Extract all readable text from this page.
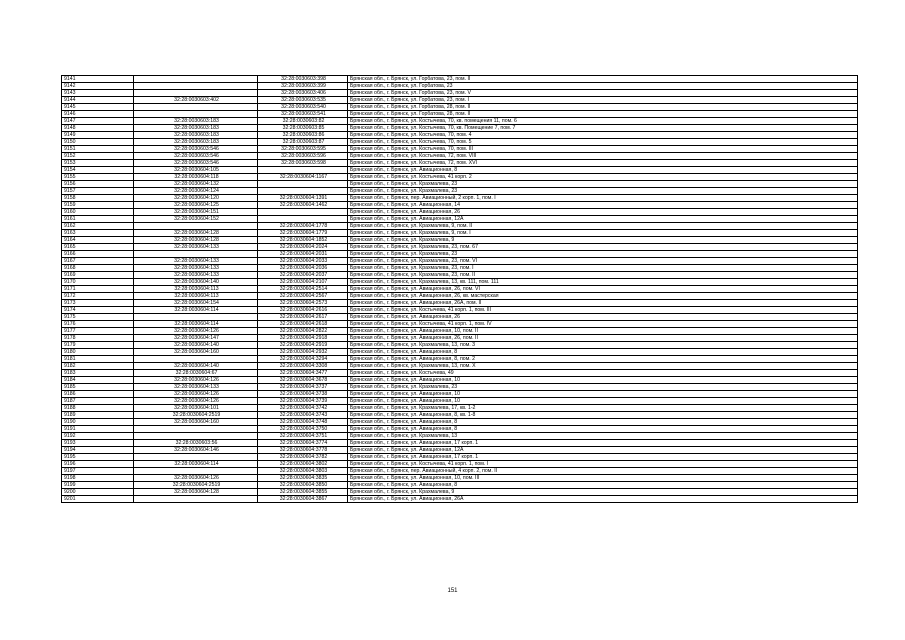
9141		32:28:0030603:398	Брянская обл., г. Брянск, ул. Горбатова, 23, пом. II
9142		32:28:0030603:399	Брянская обл., г. Брянск, ул. Горбатова, 23
9143		32:28:0030603:406	Брянская обл., г. Брянск, ул. Горбатова, 23, пом. V
9144	32:28:0030603:402	32:28:0030603:535	Брянская обл., г. Брянск, ул. Горбатова, 23, пом. I
9145		32:28:0030603:540	Брянская обл., г. Брянск, ул. Горбатова, 28, пом. II
9146		32:28:0030603:541	Брянская обл., г. Брянск, ул. Горбатова, 28, пом. II
9147	32:28:0030603:183	32:28:0030603:82	Брянская обл., г. Брянск, ул. Костычева, 70, кв. помещения 11, пом. 6
9148	32:28:0030603:183	32:28:0030603:85	Брянская обл., г. Брянск, ул. Костычева, 70, кв. Помещение 7, пом. 7
9149	32:28:0030603:183	32:28:0030603:86	Брянская обл., г. Брянск, ул. Костычева, 70, пом. 4
9150	32:28:0030603:183	32:28:0030603:87	Брянская обл., г. Брянск, ул. Костычева, 70, пом. 5
9151	32:28:0030603:546	32:28:0030603:595	Брянская обл., г. Брянск, ул. Костычева, 70, пом. III
9152	32:28:0030603:546	32:28:0030603:596	Брянская обл., г. Брянск, ул. Костычева, 72, пом. VIII
9153	32:28:0030603:546	32:28:0030603:598	Брянская обл., г. Брянск, ул. Костычева, 72, пом. XVI
9154	32:28:0030604:105		Брянская обл., г. Брянск, ул. Авиационная, 8
9155	32:28:0030604:118	32:28:0030604:1167	Брянская обл., г. Брянск, ул. Костычева, 41 корп. 2
9156	32:28:0030604:132		Брянская обл., г. Брянск, ул. Крахмалева, 23
9157	32:28:0030604:124		Брянская обл., г. Брянск, ул. Крахмалева, 23
9158	32:28:0030604:120	32:28:0030604:1391	Брянская обл., г. Брянск, пер. Авиационный, 2 корп. 1, пом. I
9159	32:28:0030604:125	32:28:0030604:1462	Брянская обл., г. Брянск, ул. Авиационная, 14
9160	32:28:0030604:151		Брянская обл., г. Брянск, ул. Авиационная, 26
9161	32:28:0030604:152		Брянская обл., г. Брянск, ул. Авиационная, 12А
9162		32:28:0030604:1778	Брянская обл., г. Брянск, ул. Крахмалева, 9, пом. II
9163	32:28:0030604:128	32:28:0030604:1779	Брянская обл., г. Брянск, ул. Крахмалева, 9, пом. I
9164	32:28:0030604:128	32:28:0030604:1852	Брянская обл., г. Брянск, ул. Крахмалева, 9
9165	32:28:0030604:133	32:28:0030604:2024	Брянская обл., г. Брянск, ул. Крахмалева, 23, пом. 67
9166		32:28:0030604:2031	Брянская обл., г. Брянск, ул. Крахмалева, 23
9167	32:28:0030604:133	32:28:0030604:2033	Брянская обл., г. Брянск, ул. Крахмалева, 23, пом. VI
9168	32:28:0030604:133	32:28:0030604:2036	Брянская обл., г. Брянск, ул. Крахмалева, 23, пом. I
9169	32:28:0030604:133	32:28:0030604:2037	Брянская обл., г. Брянск, ул. Крахмалева, 23, пом. II
9170	32:28:0030604:140	32:28:0030604:2107	Брянская обл., г. Брянск, ул. Крахмалева, 13, кв. 111, пом. 111
9171	32:28:0030604:113	32:28:0030604:2514	Брянская обл., г. Брянск, ул. Авиационная, 26, пом. VI
9172	32:28:0030604:113	32:28:0030604:2567	Брянская обл., г. Брянск, ул. Авиационная, 26, кв. мастерская
9173	32:28:0030604:154	32:28:0030604:2573	Брянская обл., г. Брянск, ул. Авиационная, 26А, пом. II
9174	32:28:0030604:114	32:28:0030604:2616	Брянская обл., г. Брянск, ул. Костычева, 41 корп. 1, пом. III
9175		32:28:0030604:2617	Брянская обл., г. Брянск, ул. Авиационная, 26
9176	32:28:0030604:114	32:28:0030604:2618	Брянская обл., г. Брянск, ул. Костычева, 41 корп. 1, пом. IV
9177	32:28:0030604:126	32:28:0030604:2822	Брянская обл., г. Брянск, ул. Авиационная, 10, пом. II
9178	32:28:0030604:147	32:28:0030604:2918	Брянская обл., г. Брянск, ул. Авиационная, 26, пом. II
9179	32:28:0030604:140	32:28:0030604:2919	Брянская обл., г. Брянск, ул. Крахмалева, 13, пом. 3
9180	32:28:0030604:160	32:28:0030604:2932	Брянская обл., г. Брянск, ул. Авиационная, 8
9181		32:28:0030604:3294	Брянская обл., г. Брянск, ул. Авиационная, 8, пом. 2
9182	32:28:0030604:140	32:28:0030604:3308	Брянская обл., г. Брянск, ул. Крахмалева, 13, пом. Х
9183	32:28:0030604:67	32:28:0030604:3477	Брянская обл., г. Брянск, ул. Костычева, 49
9184	32:28:0030604:126	32:28:0030604:3678	Брянская обл., г. Брянск, ул. Авиационная, 10
9185	32:28:0030604:133	32:28:0030604:3737	Брянская обл., г. Брянск, ул. Крахмалева, 23
9186	32:28:0030604:126	32:28:0030604:3738	Брянская обл., г. Брянск, ул. Авиационная, 10
9187	32:28:0030604:126	32:28:0030604:3739	Брянская обл., г. Брянск, ул. Авиационная, 10
9188	32:28:0030604:101	32:28:0030604:3742	Брянская обл., г. Брянск, ул. Крахмалева, 17, кв. 1-2
9189	32:28:0030604:2519	32:28:0030604:3743	Брянская обл., г. Брянск, ул. Авиационная, 8, кв. 1-8
9190	32:28:0030604:160	32:28:0030604:3748	Брянская обл., г. Брянск, ул. Авиационная, 8
9191		32:28:0030604:3750	Брянская обл., г. Брянск, ул. Авиационная, 8
9192		32:28:0030604:3751	Брянская обл., г. Брянск, ул. Крахмалева, 13
9193	32:28:0030603:56	32:28:0030604:3774	Брянская обл., г. Брянск, ул. Авиационная, 17 корп. 1
9194	32:28:0030604:146	32:28:0030604:3778	Брянская обл., г. Брянск, ул. Авиационная, 12А
9195		32:28:0030604:3782	Брянская обл., г. Брянск, ул. Авиационная, 17 корп. 1
9196	32:28:0030604:114	32:28:0030604:3802	Брянская обл., г. Брянск, ул. Костычева, 41 корп. 1, пом. I
9197		32:28:0030604:3803	Брянская обл., г. Брянск, пер. Авиационный, 4 корп. 2, пом. II
9198	32:28:0030604:126	32:28:0030604:3835	Брянская обл., г. Брянск, ул. Авиационная, 10, пом. III
9199	32:28:0030604:2519	32:28:0030604:3850	Брянская обл., г. Брянск, ул. Авиационная, 8
9200	32:28:0030604:128	32:28:0030604:3855	Брянская обл., г. Брянск, ул. Крахмалева, 9
9201		32:28:0030604:3867	Брянская обл., г. Брянск, ул. Авиационная, 26А
151
